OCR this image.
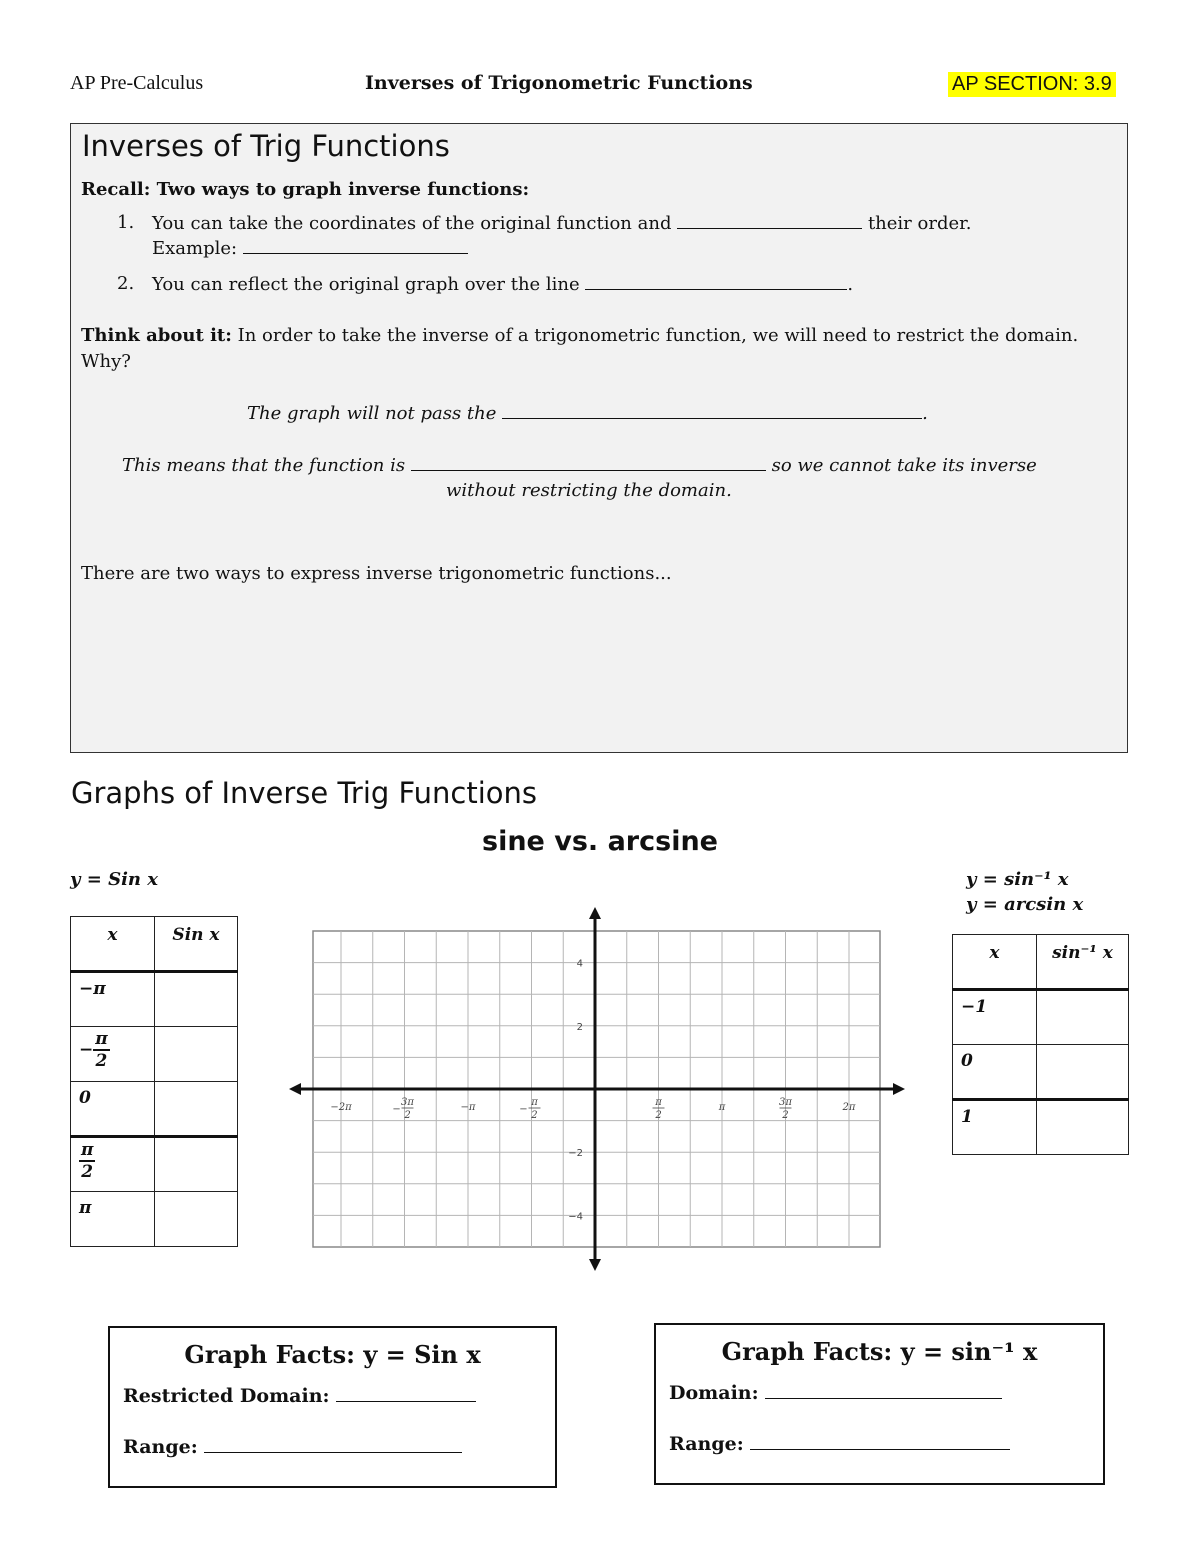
AP Pre-Calculus	Inverses of Trigonometric Functions	AP SECTION: 3.9
Inverses of Trig Functions
Recall: Two ways to graph inverse functions:
1. You can take the coordinates of the original function and	their order.
Example:
2. You can reflect the original graph over the line	.
Think about it: In order to take the inverse of a trigonometric function, we will need to restrict the domain. Why?
The graph will not pass the	.
This means that the function is	so we cannot take its inverse
without restricting the domain.
There are two ways to express inverse trigonometric functions...
Graphs of Inverse Trig Functions
sine vs. arcsine
y = Sin x	y = sin⁻¹ x
y = arcsin x
x	Sin x
−π	
− $\frac{\pi}{2}$

0	

$\frac{\pi}{2}$

π	
x	sin⁻¹ x
−1	
0	
1	
−2π	3π 2
−	−π	π 2
−
π 2
π	3π 2
2π
4
2
−2
−4
Graph Facts: y = Sin x
Restricted Domain:
Range:
Graph Facts: y = sin⁻¹ x
Domain:
Range:
